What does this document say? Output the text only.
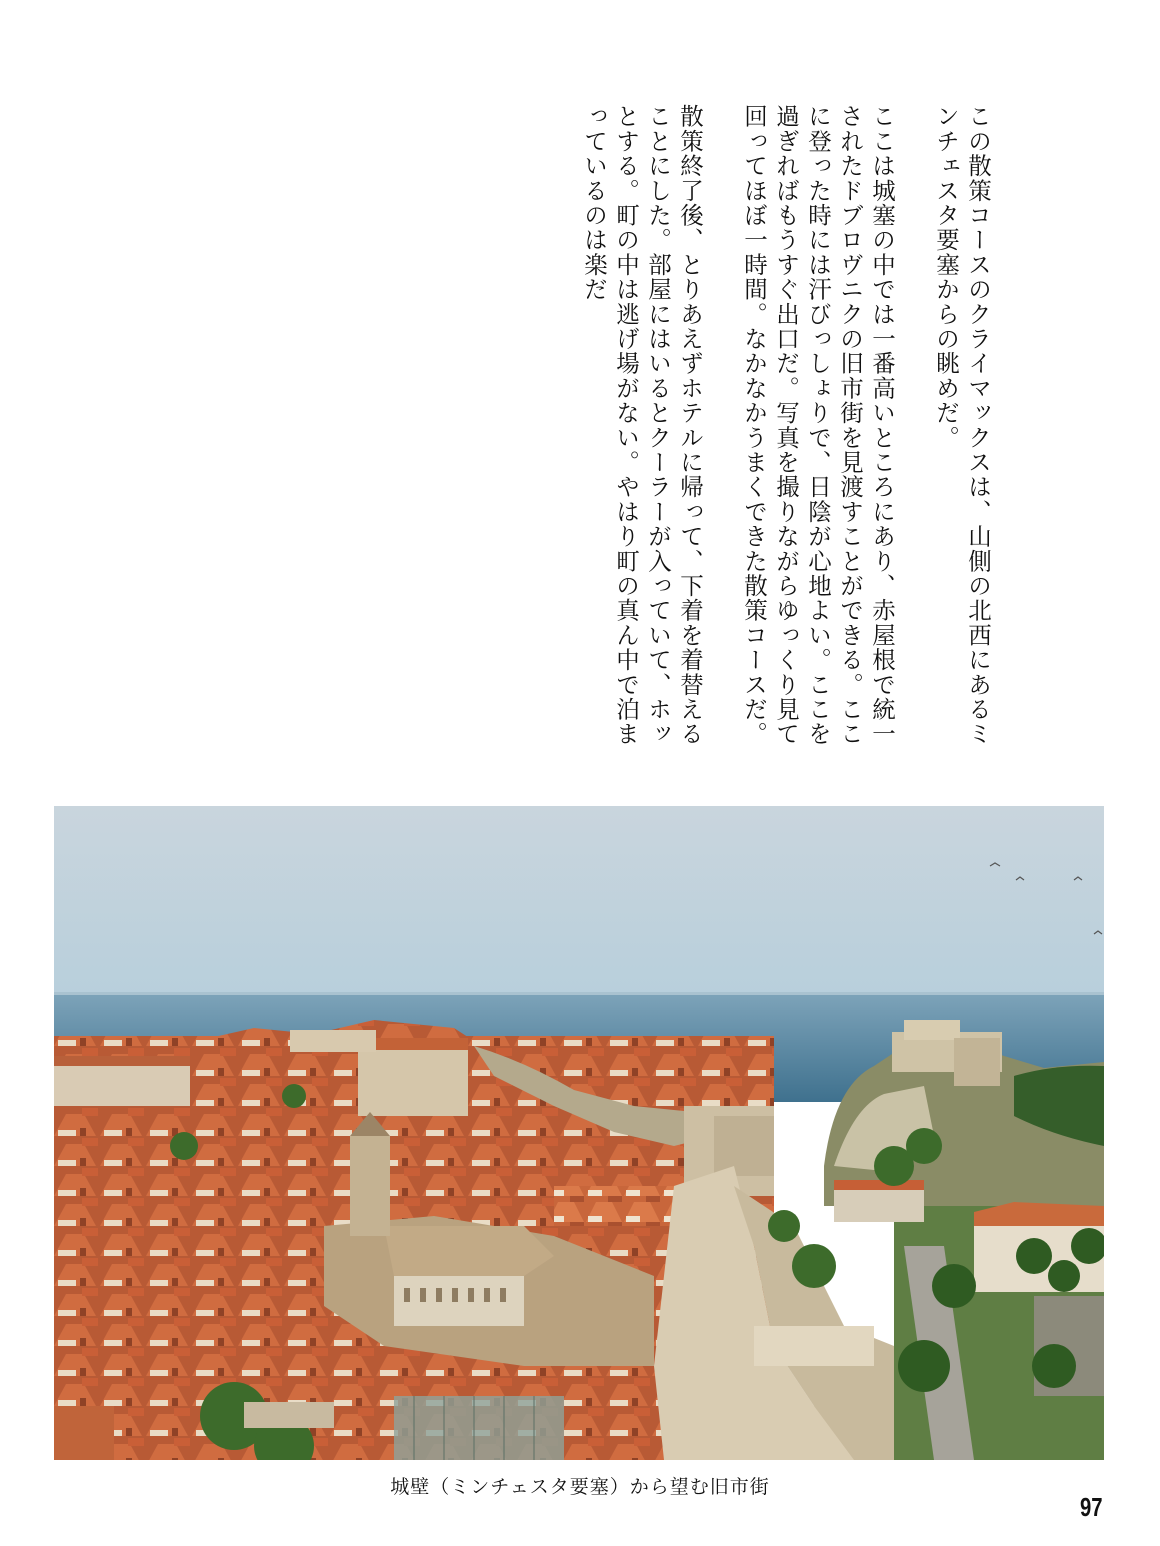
この散策コースのクライマックスは、山側の北西にあるミンチェスタ要塞からの眺めだ。

ここは城塞の中では一番高いところにあり、赤屋根で統一されたドブロヴニクの旧市街を見渡すことができる。ここに登った時には汗びっしょりで、日陰が心地よい。ここを過ぎればもうすぐ出口だ。写真を撮りながらゆっくり見て回ってほぼ一時間。なかなかうまくできた散策コースだ。

散策終了後、とりあえずホテルに帰って、下着を着替えることにした。部屋にはいるとクーラーが入っていて、ホッとする。町の中は逃げ場がない。やはり町の真ん中で泊まっているのは楽だ

城壁（ミンチェスタ要塞）から望む旧市街
97
